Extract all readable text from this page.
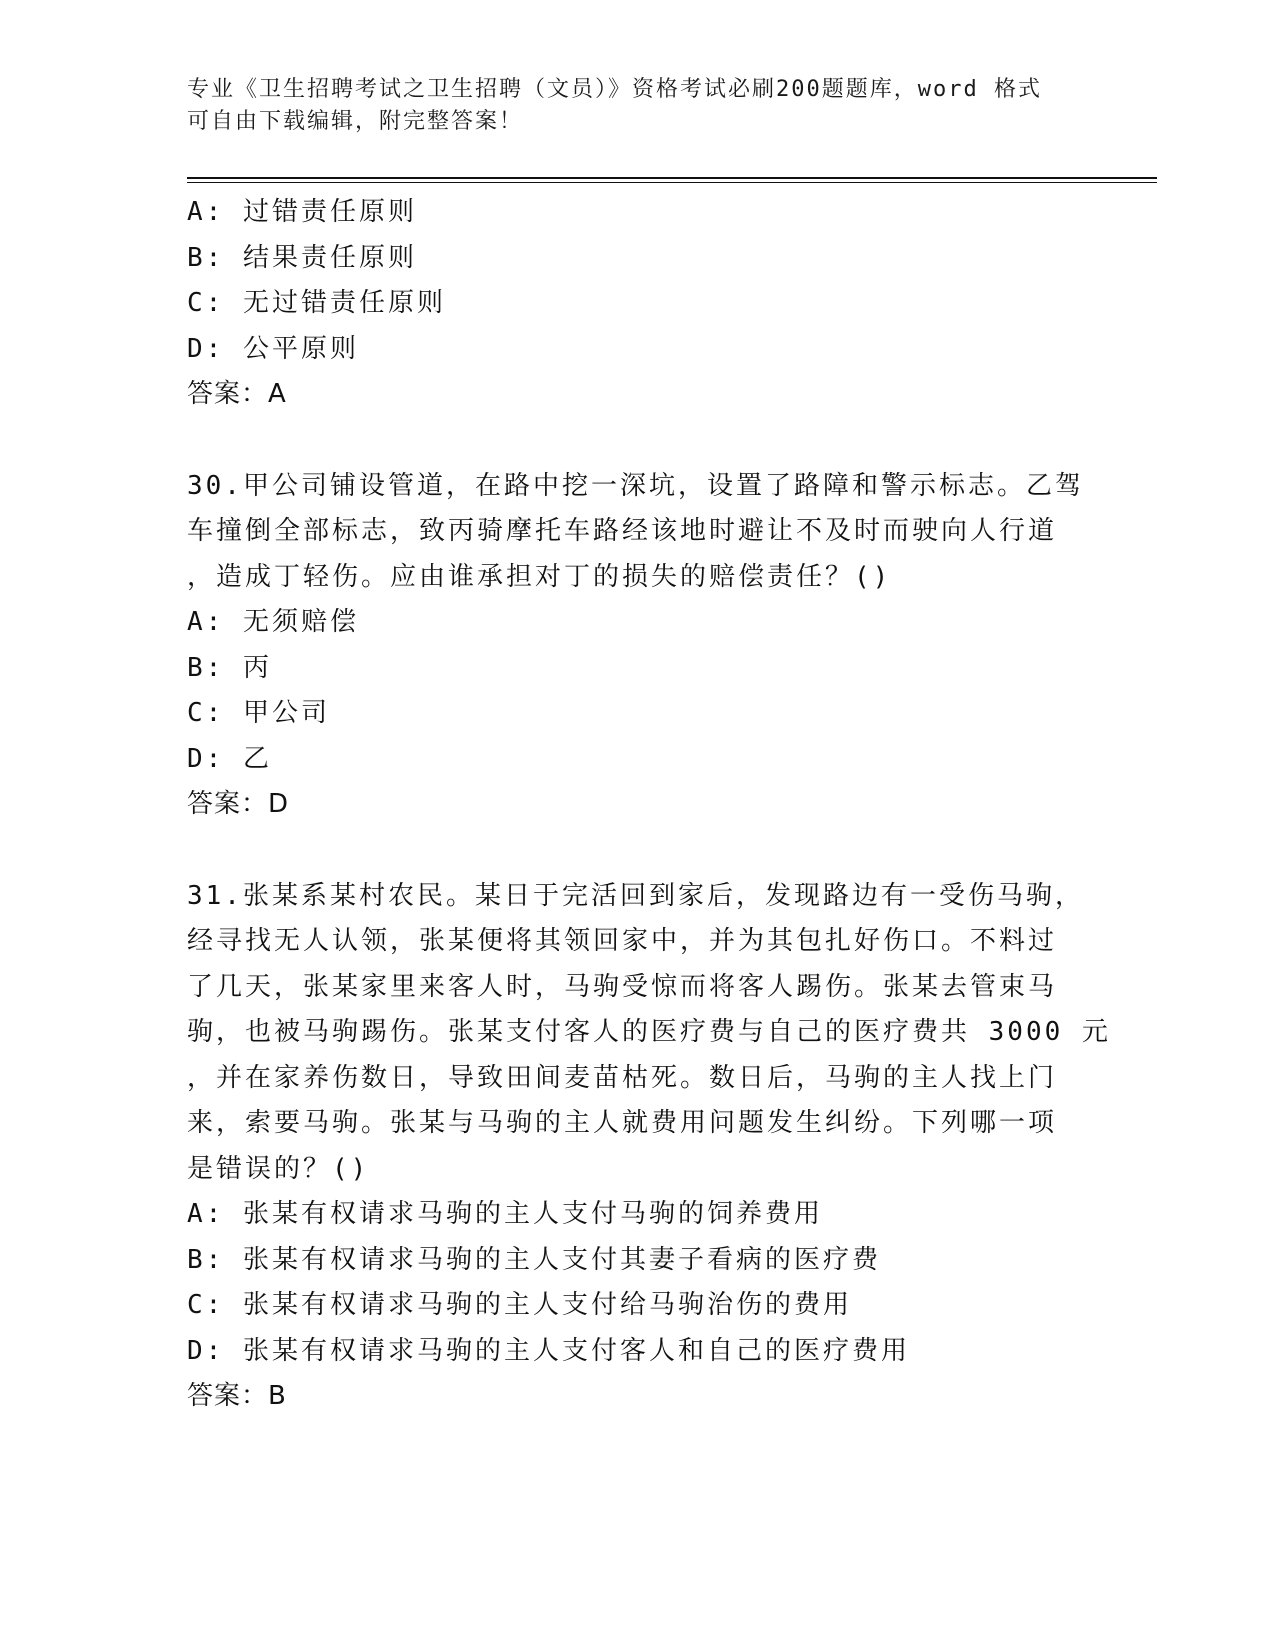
专业《卫生招聘考试之卫生招聘（文员）》资格考试必刷200题题库，word 格式
可自由下载编辑，附完整答案！
A: 过错责任原则
B: 结果责任原则
C: 无过错责任原则
D: 公平原则
答案：A
30.甲公司铺设管道，在路中挖一深坑，设置了路障和警示标志。乙驾
车撞倒全部标志，致丙骑摩托车路经该地时避让不及时而驶向人行道
，造成丁轻伤。应由谁承担对丁的损失的赔偿责任？()
A: 无须赔偿
B: 丙
C: 甲公司
D: 乙
答案：D
31.张某系某村农民。某日于完活回到家后，发现路边有一受伤马驹，
经寻找无人认领，张某便将其领回家中，并为其包扎好伤口。不料过
了几天，张某家里来客人时，马驹受惊而将客人踢伤。张某去管束马
驹，也被马驹踢伤。张某支付客人的医疗费与自己的医疗费共 3000 元
，并在家养伤数日，导致田间麦苗枯死。数日后，马驹的主人找上门
来，索要马驹。张某与马驹的主人就费用问题发生纠纷。下列哪一项
是错误的？()
A: 张某有权请求马驹的主人支付马驹的饲养费用
B: 张某有权请求马驹的主人支付其妻子看病的医疗费
C: 张某有权请求马驹的主人支付给马驹治伤的费用
D: 张某有权请求马驹的主人支付客人和自己的医疗费用
答案：B
